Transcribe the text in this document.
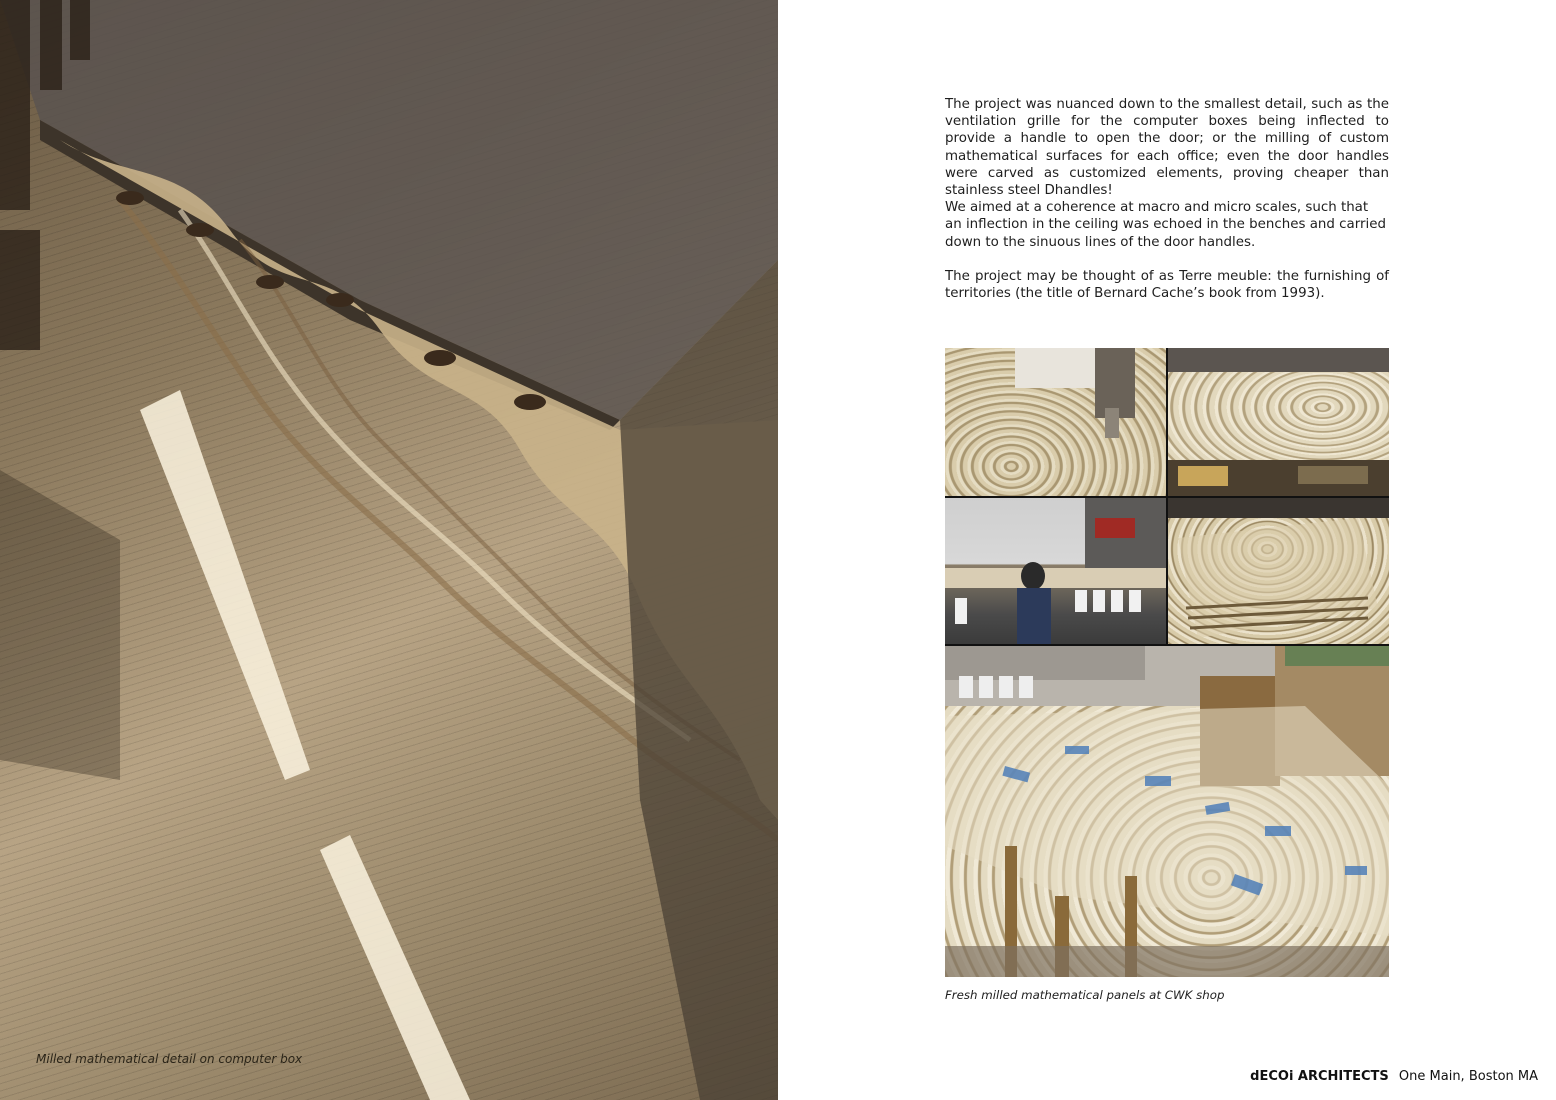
Milled mathematical detail on computer box

The project was nuanced down to the smallest detail, such as the ventilation grille for the computer boxes being inflected to provide a handle to open the door; or the milling of custom mathematical surfaces for each office; even the door handles were carved as customized elements, proving cheaper than stainless steel Dhandles!

We aimed at a coherence at macro and micro scales, such that an inflection in the ceiling was echoed in the benches and carried down to the sinuous lines of the door handles.

The project may be thought of as Terre meuble: the furnishing of territories (the title of Bernard Cache’s book from 1993).

Fresh milled mathematical panels at CWK shop
dECOi ARCHITECTS One Main, Boston MA
